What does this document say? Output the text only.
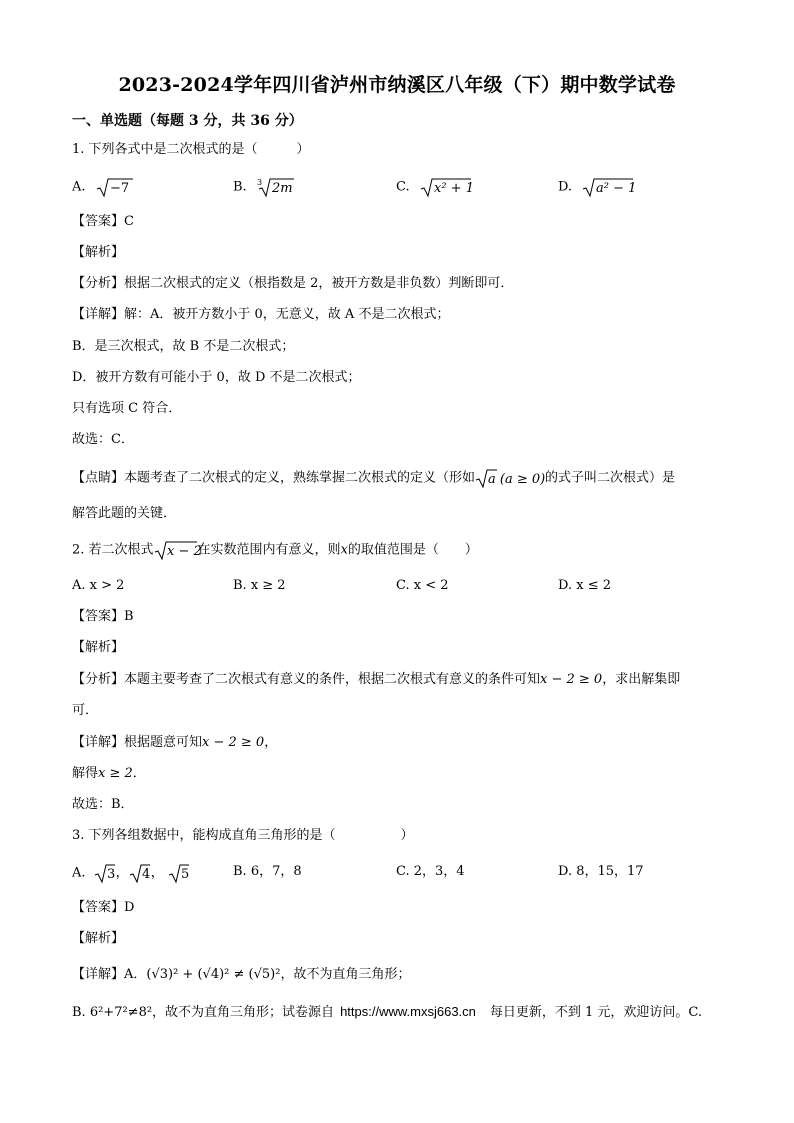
2023-2024学年四川省泸州市纳溪区八年级（下）期中数学试卷
一、单选题（每题 3 分，共 36 分）
1. 下列各式中是二次根式的是（　　　）
A. −7	B. 3 2m	C. x² + 1	D. a² − 1
【答案】C
【解析】
【分析】根据二次根式的定义（根指数是 2，被开方数是非负数）判断即可．
【详解】解：A．被开方数小于 0，无意义，故 A 不是二次根式；
B．是三次根式，故 B 不是二次根式；
D．被开方数有可能小于 0，故 D 不是二次根式；
只有选项 C 符合．
故选：C．
【点睛】本题考查了二次根式的定义，熟练掌握二次根式的定义（形如 a (a ≥ 0) 的式子叫二次根式）是
解答此题的关键．
2. 若二次根式 x − 2
在实数范围内有意义，则x的取值范围是（　　）
A. x > 2	B. x ≥ 2	C. x < 2	D. x ≤ 2
【答案】B
【解析】
【分析】本题主要考查了二次根式有意义的条件，根据二次根式有意义的条件可知x − 2 ≥ 0，求出解集即
可．
【详解】根据题意可知x − 2 ≥ 0，
解得x ≥ 2．
故选：B．
3. 下列各组数据中，能构成直角三角形的是（　　　　　）
A. 3 ， 4 ， 5	B. 6，7，8	C. 2，3，4	D. 8，15，17
【答案】D
【解析】
【详解】A．(√3)² + (√4)² ≠ (√5)²，故不为直角三角形；
B. 6²+7²≠8²，故不为直角三角形；试卷源自 https://www.mxsj663.cn 每日更新，不到 1 元，欢迎访问。C.
